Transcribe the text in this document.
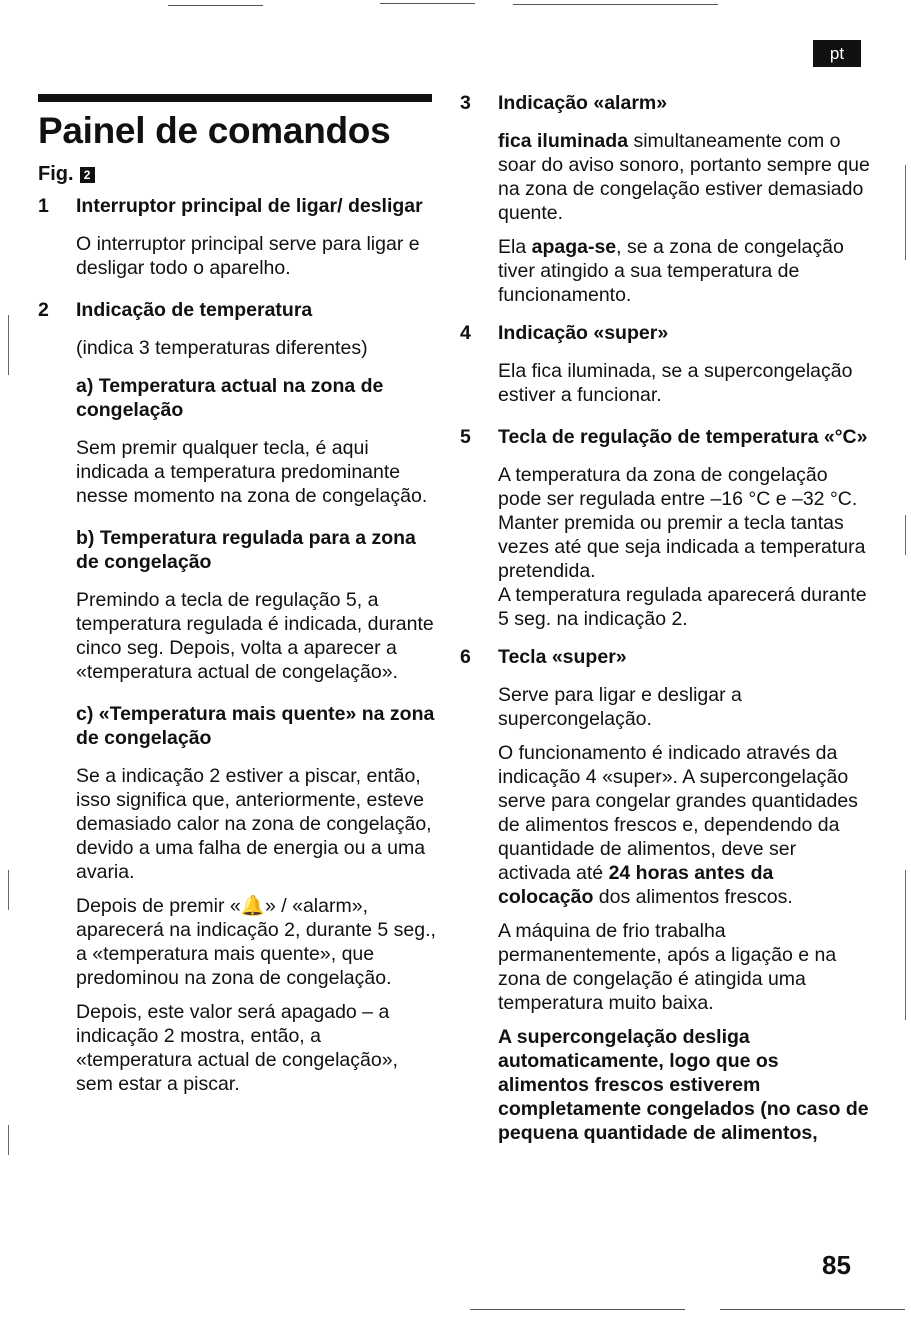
pt
Painel de comandos
Fig. 2
1	Interruptor principal de ligar/ desligar

O interruptor principal serve para ligar e desligar todo o aparelho.

2	Indicação de temperatura

(indica 3 temperaturas diferentes)

a) Temperatura actual na zona de congelação

Sem premir qualquer tecla, é aqui indicada a temperatura predominante nesse momento na zona de congelação.

b) Temperatura regulada para a zona de congelação

Premindo a tecla de regulação 5, a temperatura regulada é indicada, durante cinco seg. Depois, volta a aparecer a «temperatura actual de congelação».

c) «Temperatura mais quente» na zona de congelação

Se a indicação 2 estiver a piscar, então, isso significa que, anteriormente, esteve demasiado calor na zona de congelação, devido a uma falha de energia ou a uma avaria.

Depois de premir «🔔» / «alarm», aparecerá na indicação 2, durante 5 seg., a «temperatura mais quente», que predominou na zona de congelação.

Depois, este valor será apagado – a indicação 2 mostra, então, a «temperatura actual de congelação», sem estar a piscar.

3	Indicação «alarm»

fica iluminada simultaneamente com o soar do aviso sonoro, portanto sempre que na zona de congelação estiver demasiado quente.

Ela apaga-se, se a zona de congelação tiver atingido a sua temperatura de funcionamento.

4	Indicação «super»

Ela fica iluminada, se a supercongelação estiver a funcionar.

5	Tecla de regulação de temperatura «°C»

A temperatura da zona de congelação pode ser regulada entre –16 °C e –32 °C. Manter premida ou premir a tecla tantas vezes até que seja indicada a temperatura pretendida.

A temperatura regulada aparecerá durante 5 seg. na indicação 2.

6	Tecla «super»

Serve para ligar e desligar a supercongelação.

O funcionamento é indicado através da indicação 4 «super». A supercongelação serve para congelar grandes quantidades de alimentos frescos e, dependendo da quantidade de alimentos, deve ser activada até 24 horas antes da colocação dos alimentos frescos.

A máquina de frio trabalha permanentemente, após a ligação e na zona de congelação é atingida uma temperatura muito baixa.

A supercongelação desliga automaticamente, logo que os alimentos frescos estiverem completamente congelados (no caso de pequena quantidade de alimentos,

85
